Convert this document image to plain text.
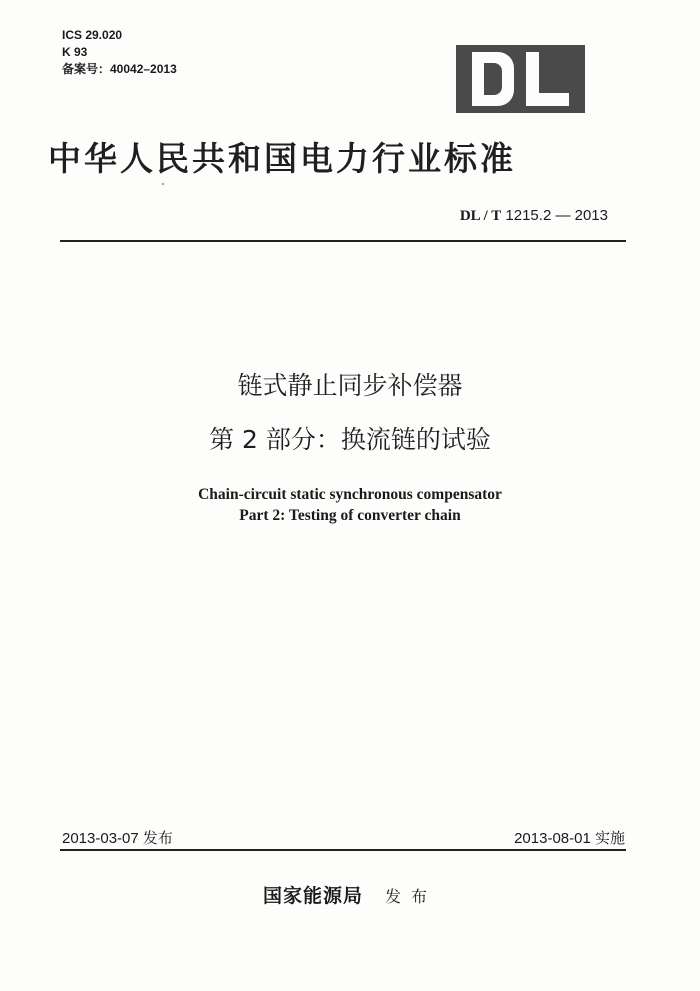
ICS 29.020
K 93
备案号：40042–2013
中华人民共和国电力行业标准
DL / T 1215.2 — 2013
链式静止同步补偿器
第 2 部分：换流链的试验
Chain-circuit static synchronous compensator
Part 2: Testing of converter chain
2013-03-07 发布	2013-08-01 实施
国家能源局 发布
